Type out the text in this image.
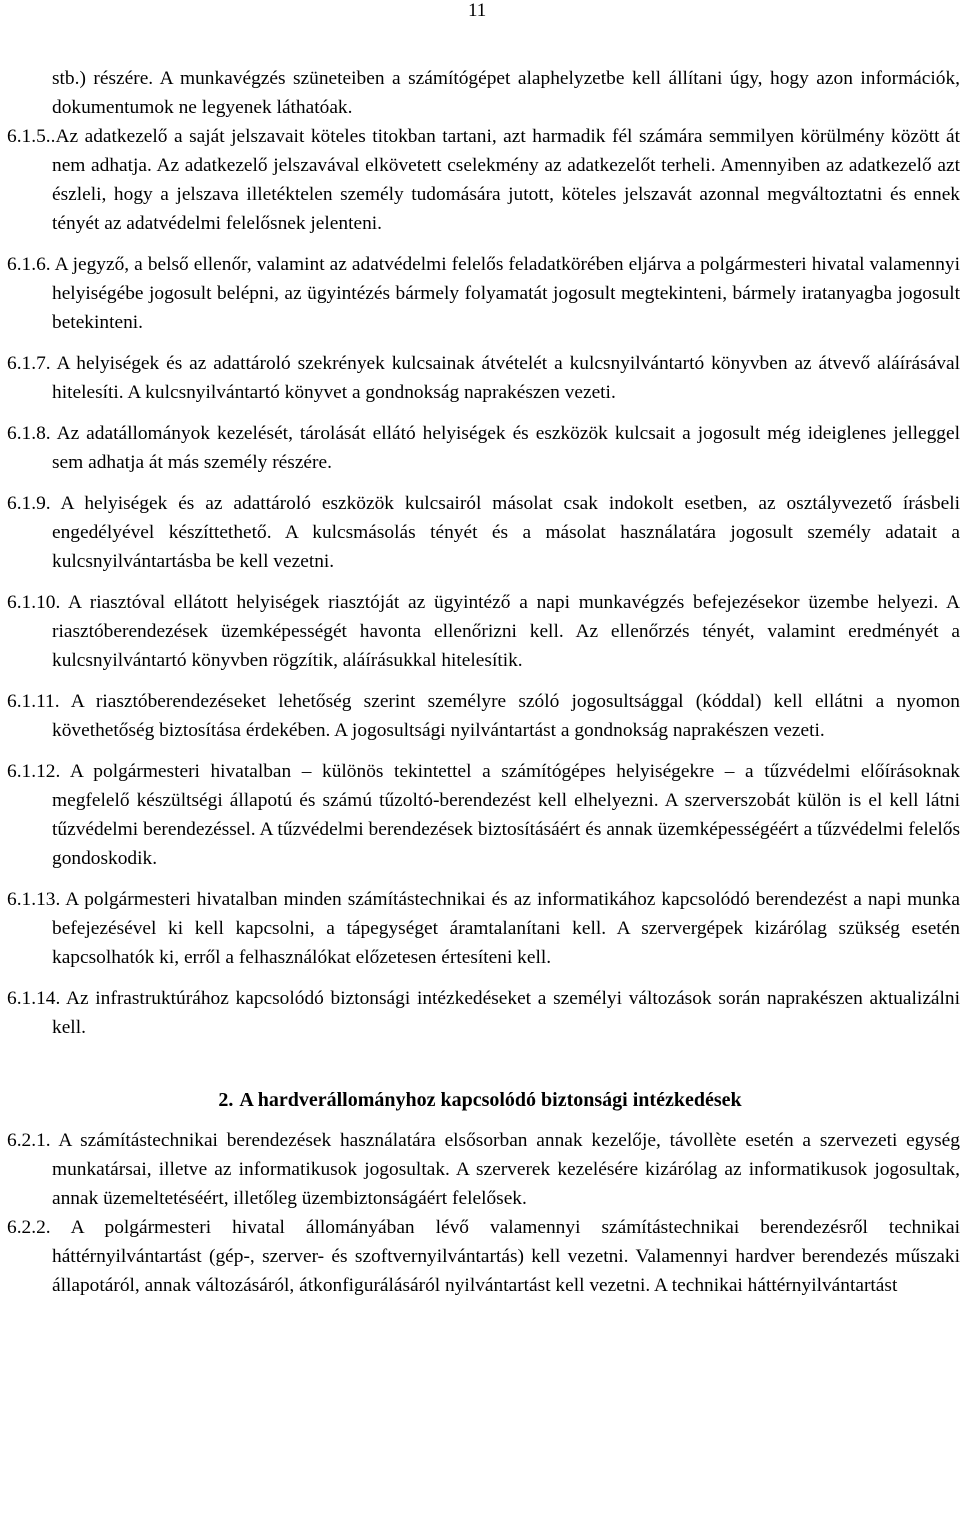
11

stb.) részére. A munkavégzés szüneteiben a számítógépet alaphelyzetbe kell állítani úgy, hogy azon információk, dokumentumok ne legyenek láthatóak.

6.1.5..Az adatkezelő a saját jelszavait köteles titokban tartani, azt harmadik fél számára semmilyen körülmény között át nem adhatja. Az adatkezelő jelszavával elkövetett cselekmény az adatkezelőt terheli. Amennyiben az adatkezelő azt észleli, hogy a jelszava illetéktelen személy tudomására jutott, köteles jelszavát azonnal megváltoztatni és ennek tényét az adatvédelmi felelősnek jelenteni.

6.1.6. A jegyző, a belső ellenőr, valamint az adatvédelmi felelős feladatkörében eljárva a polgármesteri hivatal valamennyi helyiségébe jogosult belépni, az ügyintézés bármely folyamatát jogosult megtekinteni, bármely iratanyagba jogosult betekinteni.

6.1.7. A helyiségek és az adattároló szekrények kulcsainak átvételét a kulcsnyilvántartó könyvben az átvevő aláírásával hitelesíti. A kulcsnyilvántartó könyvet a gondnokság naprakészen vezeti.

6.1.8. Az adatállományok kezelését, tárolását ellátó helyiségek és eszközök kulcsait a jogosult még ideiglenes jelleggel sem adhatja át más személy részére.

6.1.9. A helyiségek és az adattároló eszközök kulcsairól másolat csak indokolt esetben, az osztályvezető írásbeli engedélyével készíttethető. A kulcsmásolás tényét és a másolat használatára jogosult személy adatait a kulcsnyilvántartásba be kell vezetni.

6.1.10. A riasztóval ellátott helyiségek riasztóját az ügyintéző a napi munkavégzés befejezésekor üzembe helyezi. A riasztóberendezések üzemképességét havonta ellenőrizni kell. Az ellenőrzés tényét, valamint eredményét a kulcsnyilvántartó könyvben rögzítik, aláírásukkal hitelesítik.

6.1.11. A riasztóberendezéseket lehetőség szerint személyre szóló jogosultsággal (kóddal) kell ellátni a nyomon követhetőség biztosítása érdekében. A jogosultsági nyilvántartást a gondnokság naprakészen vezeti.

6.1.12. A polgármesteri hivatalban – különös tekintettel a számítógépes helyiségekre – a tűzvédelmi előírásoknak megfelelő készültségi állapotú és számú tűzoltó-berendezést kell elhelyezni. A szerverszobát külön is el kell látni tűzvédelmi berendezéssel. A tűzvédelmi berendezések biztosításáért és annak üzemképességéért a tűzvédelmi felelős gondoskodik.

6.1.13. A polgármesteri hivatalban minden számítástechnikai és az informatikához kapcsolódó berendezést a napi munka befejezésével ki kell kapcsolni, a tápegységet áramtalanítani kell. A szervergépek kizárólag szükség esetén kapcsolhatók ki, erről a felhasználókat előzetesen értesíteni kell.

6.1.14. Az infrastruktúrához kapcsolódó biztonsági intézkedéseket a személyi változások során naprakészen aktualizálni kell.

2. A hardverállományhoz kapcsolódó biztonsági intézkedések

6.2.1. A számítástechnikai berendezések használatára elsősorban annak kezelője, távollète esetén a szervezeti egység munkatársai, illetve az informatikusok jogosultak. A szerverek kezelésére kizárólag az informatikusok jogosultak, annak üzemeltetéséért, illetőleg üzembiztonságáért felelősek.

6.2.2. A polgármesteri hivatal állományában lévő valamennyi számítástechnikai berendezésről technikai háttérnyilvántartást (gép-, szerver- és szoftvernyilvántartás) kell vezetni. Valamennyi hardver berendezés műszaki állapotáról, annak változásáról, átkonfigurálásáról nyilvántartást kell vezetni. A technikai háttérnyilvántartást
